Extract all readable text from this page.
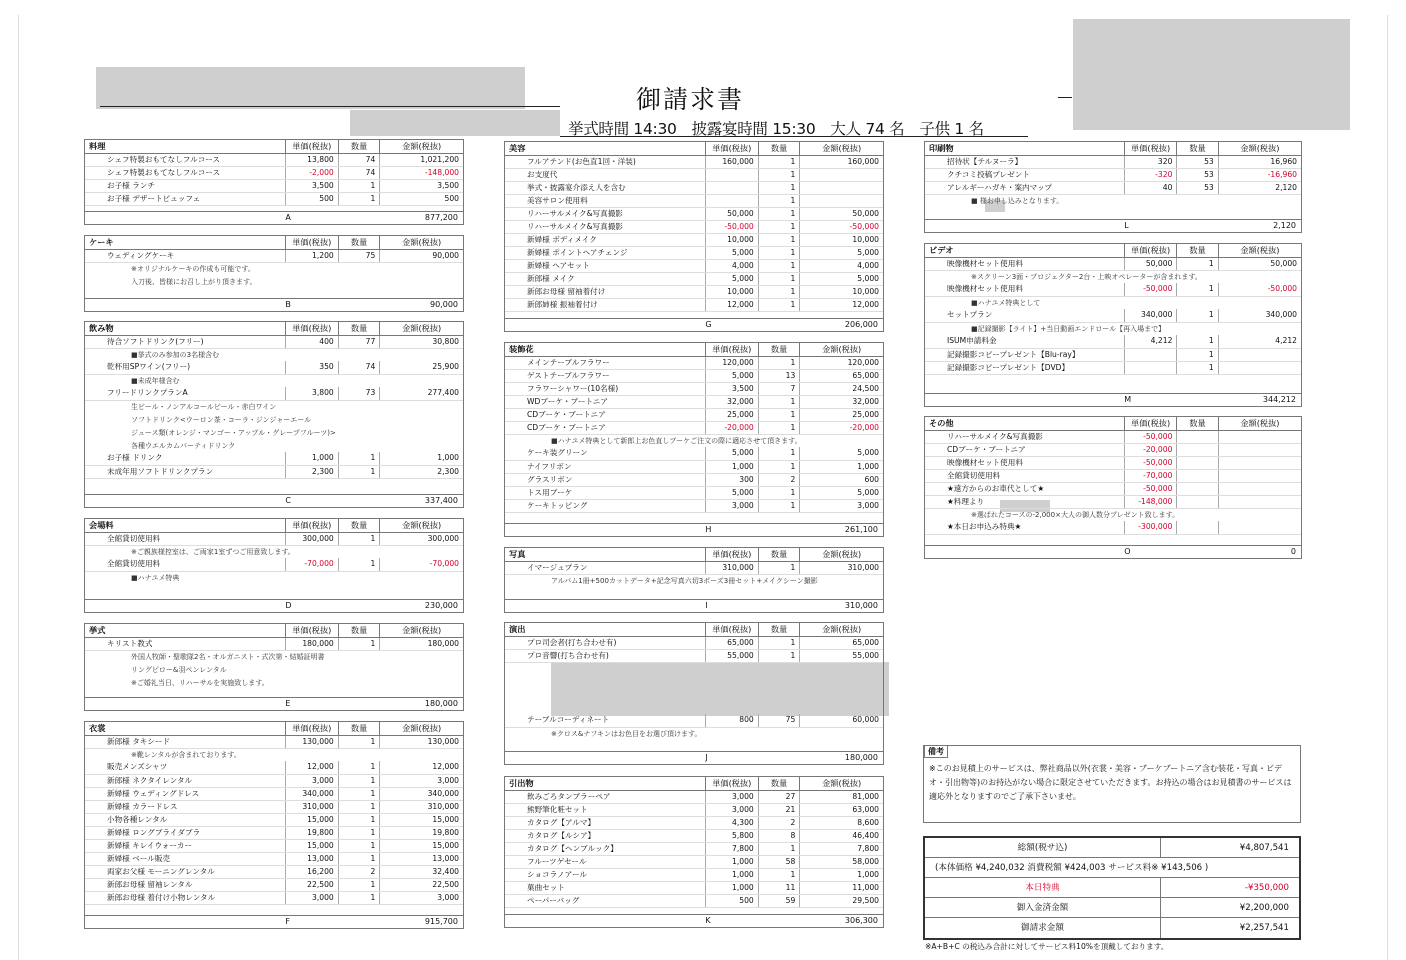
御請求書
挙式時間 14:30 披露宴時間 15:30 大人 74 名 子供 1 名
料理	単価(税抜)	数量	金額(税抜)
シェフ特製おもてなしフルコース	13,800	74	1,021,200
シェフ特製おもてなしフルコース	-2,000	74	-148,000
お子様 ランチ	3,500	1	3,500
お子様 デザートビュッフェ	500	1	500
A	877,200
ケーキ	単価(税抜)	数量	金額(税抜)
ウェディングケーキ	1,200	75	90,000
※オリジナルケーキの作成も可能です。			
入刀後、皆様にお召し上がり頂きます。			
B	90,000
飲み物	単価(税抜)	数量	金額(税抜)
待合ソフトドリンク(フリー)	400	77	30,800
■挙式のみ参加の3名様含む			
乾杯用SPワイン(フリー)	350	74	25,900
■未成年様含む			
フリードリンクプランA	3,800	73	277,400
生ビール・ノンアルコールビール・赤白ワイン			
ソフトドリンク<ウーロン茶・コーラ・ジンジャーエール			
ジュース類(オレンジ・マンゴー・アップル・グレープフルーツ)>			
各種ウエルカムパーティドリンク			
お子様 ドリンク	1,000	1	1,000
未成年用ソフトドリンクプラン	2,300	1	2,300
C	337,400
会場料	単価(税抜)	数量	金額(税抜)
全館貸切使用料	300,000	1	300,000
※ご親族様控室は、ご両家1室ずつご用意致します。			
全館貸切使用料	-70,000	1	-70,000
■ハナユメ特典			
D	230,000
挙式	単価(税抜)	数量	金額(税抜)
キリスト教式	180,000	1	180,000
外国人牧師・聖歌隊2名・オルガニスト・式次第・結婚証明書			
リングピロー&羽ペンレンタル			
※ご婚礼当日、リハーサルを実施致します。			
E	180,000
衣裳	単価(税抜)	数量	金額(税抜)
新郎様 タキシード	130,000	1	130,000
※靴レンタルが含まれております。			
販売メンズシャツ	12,000	1	12,000
新郎様 ネクタイレンタル	3,000	1	3,000
新婦様 ウェディングドレス	340,000	1	340,000
新婦様 カラードレス	310,000	1	310,000
小物各種レンタル	15,000	1	15,000
新婦様 ロングブライダブラ	19,800	1	19,800
新婦様 キレイウォーカー	15,000	1	15,000
新婦様 ベール販売	13,000	1	13,000
両家お父様 モーニングレンタル	16,200	2	32,400
新郎お母様 留袖レンタル	22,500	1	22,500
新郎お母様 着付け小物レンタル	3,000	1	3,000
F	915,700
美容	単価(税抜)	数量	金額(税抜)
フルアテンド(お色直1回・洋装)	160,000	1	160,000
お支度代		1	
挙式・披露宴介添え人を含む		1	
美容サロン使用料		1	
リハーサルメイク&写真撮影	50,000	1	50,000
リハーサルメイク&写真撮影	-50,000	1	-50,000
新婦様 ボディメイク	10,000	1	10,000
新婦様 ポイントヘアチェンジ	5,000	1	5,000
新婦様 ヘアセット	4,000	1	4,000
新郎様 メイク	5,000	1	5,000
新郎お母様 留袖着付け	10,000	1	10,000
新郎姉様 振袖着付け	12,000	1	12,000
G	206,000
装飾花	単価(税抜)	数量	金額(税抜)
メインテーブルフラワー	120,000	1	120,000
ゲストテーブルフラワー	5,000	13	65,000
フラワーシャワー(10名様)	3,500	7	24,500
WDブーケ・ブートニア	32,000	1	32,000
CDブーケ・ブートニア	25,000	1	25,000
CDブーケ・ブートニア	-20,000	1	-20,000
■ハナユメ特典として新郎上お色直しブーケご注文の際に適応させて頂きます。			
ケーキ装グリーン	5,000	1	5,000
ナイフリボン	1,000	1	1,000
グラスリボン	300	2	600
トス用ブーケ	5,000	1	5,000
ケーキトッピング	3,000	1	3,000
H	261,100
写真	単価(税抜)	数量	金額(税抜)
イマージュプラン	310,000	1	310,000
アルバム1冊+500カットデータ+記念写真六切3ポーズ3冊セット+メイクシーン撮影			
I	310,000
演出	単価(税抜)	数量	金額(税抜)
プロ司会者(打ち合わせ有)	65,000	1	65,000
プロ音響(打ち合わせ有)	55,000	1	55,000

テーブルコーディネート	800	75	60,000
※クロス&ナフキンはお色目をお選び頂けます。			
J	180,000
引出物	単価(税抜)	数量	金額(税抜)
飲みごろタンブラーペア	3,000	27	81,000
熊野筆化粧セット	3,000	21	63,000
カタログ【アルマ】	4,300	2	8,600
カタログ【ルシア】	5,800	8	46,400
カタログ【ヘンブルック】	7,800	1	7,800
フルーツゲセール	1,000	58	58,000
ショコラノアール	1,000	1	1,000
菓曲セット	1,000	11	11,000
ペーパーバッグ	500	59	29,500
K	306,300
印刷物	単価(税抜)	数量	金額(税抜)
招待状【テルヌーラ】	320	53	16,960
クチコミ投稿プレゼント	-320	53	-16,960
アレルギーハガキ・案内マップ	40	53	2,120
■ 様お申し込みとなります。			
L	2,120
ビデオ	単価(税抜)	数量	金額(税抜)
映像機材セット使用料	50,000	1	50,000
※スクリーン3面・プロジェクター2台・上映オペレーターが含まれます。			
映像機材セット使用料	-50,000	1	-50,000
■ハナユメ特典として			
セットプラン	340,000	1	340,000
■記録撮影【ライト】+当日動画エンドロール【再入場まで】			
ISUM申請料金	4,212	1	4,212
記録撮影コピープレゼント【Blu-ray】		1	
記録撮影コピープレゼント【DVD】		1	
M	344,212
その他	単価(税抜)	数量	金額(税抜)
リハーサルメイク&写真撮影	-50,000		
CDブーケ・ブートニア	-20,000		
映像機材セット使用料	-50,000		
全館貸切使用料	-70,000		
★遠方からのお車代として★	-50,000		
★料理より	-148,000		
※選ばれたコースの-2,000×大人の御人数分プレゼント致します。			
★本日お申込み特典★	-300,000		
O	0
備考
※このお見積上のサービスは、弊社商品以外(衣裳・美容・ブーケブートニア含む装花・写真・ビデオ・引出物等)のお持込がない場合に限定させていただきます。お持込の場合はお見積書のサービスは適応外となりますのでご了承下さいませ。
総額(税サ込)	¥4,807,541
(本体価格 ¥4,240,032 消費税額 ¥424,003 サービス料※ ¥143,506 )
本日特典	-¥350,000
御入金済金額	¥2,200,000
御請求金額	¥2,257,541
※A+B+C の税込み合計に対してサービス料10%を頂戴しております。
